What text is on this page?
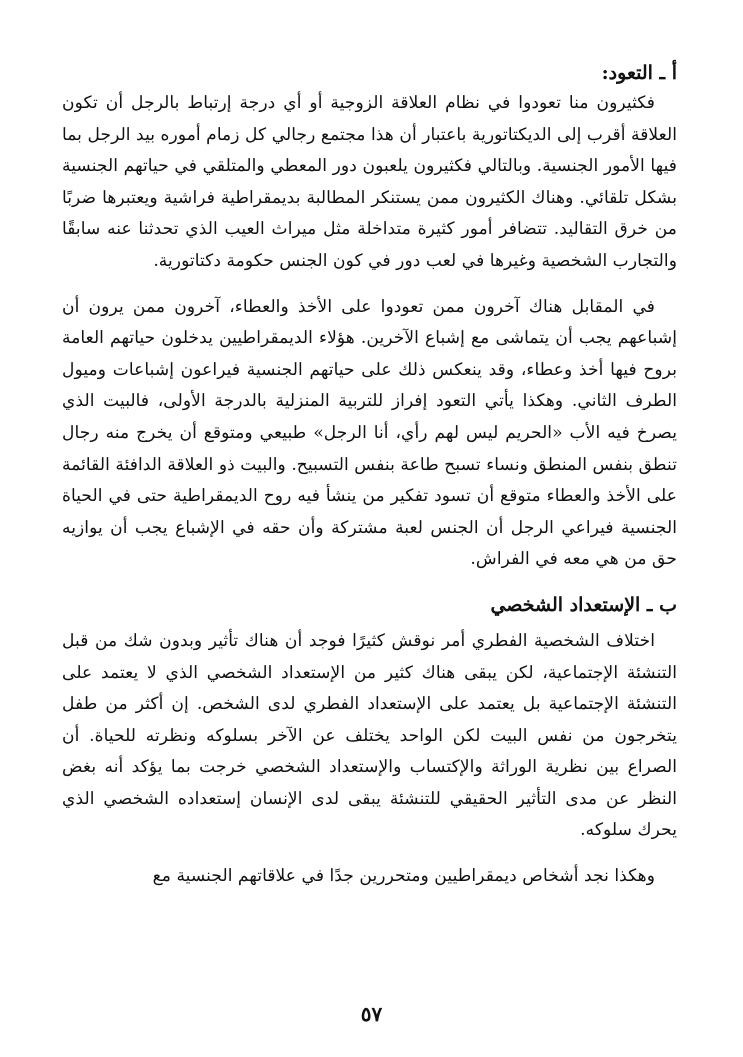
أ ـ التعود:

فكثيرون منا تعودوا في نظام العلاقة الزوجية أو أي درجة إرتباط بالرجل أن تكون العلاقة أقرب إلى الديكتاتورية باعتبار أن هذا مجتمع رجالي كل زمام أموره بيد الرجل بما فيها الأمور الجنسية. وبالتالي فكثيرون يلعبون دور المعطي والمتلقي في حياتهم الجنسية بشكل تلقائي. وهناك الكثيرون ممن يستنكر المطالبة بديمقراطية فراشية ويعتبرها ضربًا من خرق التقاليد. تتضافر أمور كثيرة متداخلة مثل ميراث العيب الذي تحدثنا عنه سابقًا والتجارب الشخصية وغيرها في لعب دور في كون الجنس حكومة دكتاتورية.

في المقابل هناك آخرون ممن تعودوا على الأخذ والعطاء، آخرون ممن يرون أن إشباعهم يجب أن يتماشى مع إشباع الآخرين. هؤلاء الديمقراطيين يدخلون حياتهم العامة بروح فيها أخذ وعطاء، وقد ينعكس ذلك على حياتهم الجنسية فيراعون إشباعات وميول الطرف الثاني. وهكذا يأتي التعود إفراز للتربية المنزلية بالدرجة الأولى، فالبيت الذي يصرخ فيه الأب «الحريم ليس لهم رأي، أنا الرجل» طبيعي ومتوقع أن يخرج منه رجال تنطق بنفس المنطق ونساء تسبح طاعة بنفس التسبيح. والبيت ذو العلاقة الدافئة القائمة على الأخذ والعطاء متوقع أن تسود تفكير من ينشأ فيه روح الديمقراطية حتى في الحياة الجنسية فيراعي الرجل أن الجنس لعبة مشتركة وأن حقه في الإشباع يجب أن يوازيه حق من هي معه في الفراش.

ب ـ الإستعداد الشخصي

اختلاف الشخصية الفطري أمر نوقش كثيرًا فوجد أن هناك تأثير وبدون شك من قبل التنشئة الإجتماعية، لكن يبقى هناك كثير من الإستعداد الشخصي الذي لا يعتمد على التنشئة الإجتماعية بل يعتمد على الإستعداد الفطري لدى الشخص. إن أكثر من طفل يتخرجون من نفس البيت لكن الواحد يختلف عن الآخر بسلوكه ونظرته للحياة. أن الصراع بين نظرية الوراثة والإكتساب والإستعداد الشخصي خرجت بما يؤكد أنه بغض النظر عن مدى التأثير الحقيقي للتنشئة يبقى لدى الإنسان إستعداده الشخصي الذي يحرك سلوكه.

وهكذا نجد أشخاص ديمقراطيين ومتحررين جدًا في علاقاتهم الجنسية مع

٥٧
